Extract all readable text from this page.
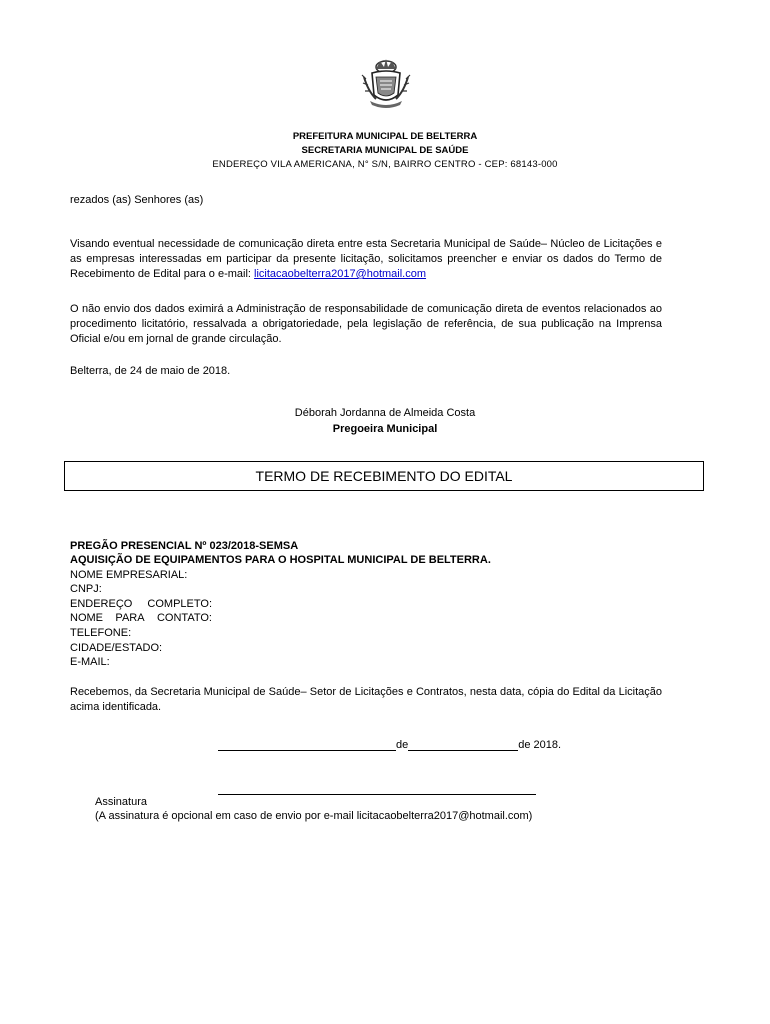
PREFEITURA MUNICIPAL DE BELTERRA
SECRETARIA MUNICIPAL DE SAÚDE
ENDEREÇO VILA AMERICANA, N° S/N, BAIRRO CENTRO - CEP: 68143-000
rezados (as) Senhores (as)
Visando eventual necessidade de comunicação direta entre esta Secretaria Municipal de Saúde– Núcleo de Licitações e as empresas interessadas em participar da presente licitação, solicitamos preencher e enviar os dados do Termo de Recebimento de Edital para o e-mail: licitacaobelterra2017@hotmail.com
O não envio dos dados eximirá a Administração de responsabilidade de comunicação direta de eventos relacionados ao procedimento licitatório, ressalvada a obrigatoriedade, pela legislação de referência, de sua publicação na Imprensa Oficial e/ou em jornal de grande circulação.
Belterra, de 24 de maio de 2018.
Déborah Jordanna de Almeida Costa
Pregoeira Municipal
TERMO DE RECEBIMENTO DO EDITAL
PREGÃO PRESENCIAL Nº 023/2018-SEMSA
AQUISIÇÃO DE EQUIPAMENTOS PARA O HOSPITAL MUNICIPAL DE BELTERRA.
NOME EMPRESARIAL:
CNPJ:
ENDEREÇO COMPLETO:
NOME PARA CONTATO:
TELEFONE:
CIDADE/ESTADO:
E-MAIL:
Recebemos, da Secretaria Municipal de Saúde– Setor de Licitações e Contratos, nesta data, cópia do Edital da Licitação acima identificada.
de	de 2018.
Assinatura
(A assinatura é opcional em caso de envio por e-mail licitacaobelterra2017@hotmail.com)
